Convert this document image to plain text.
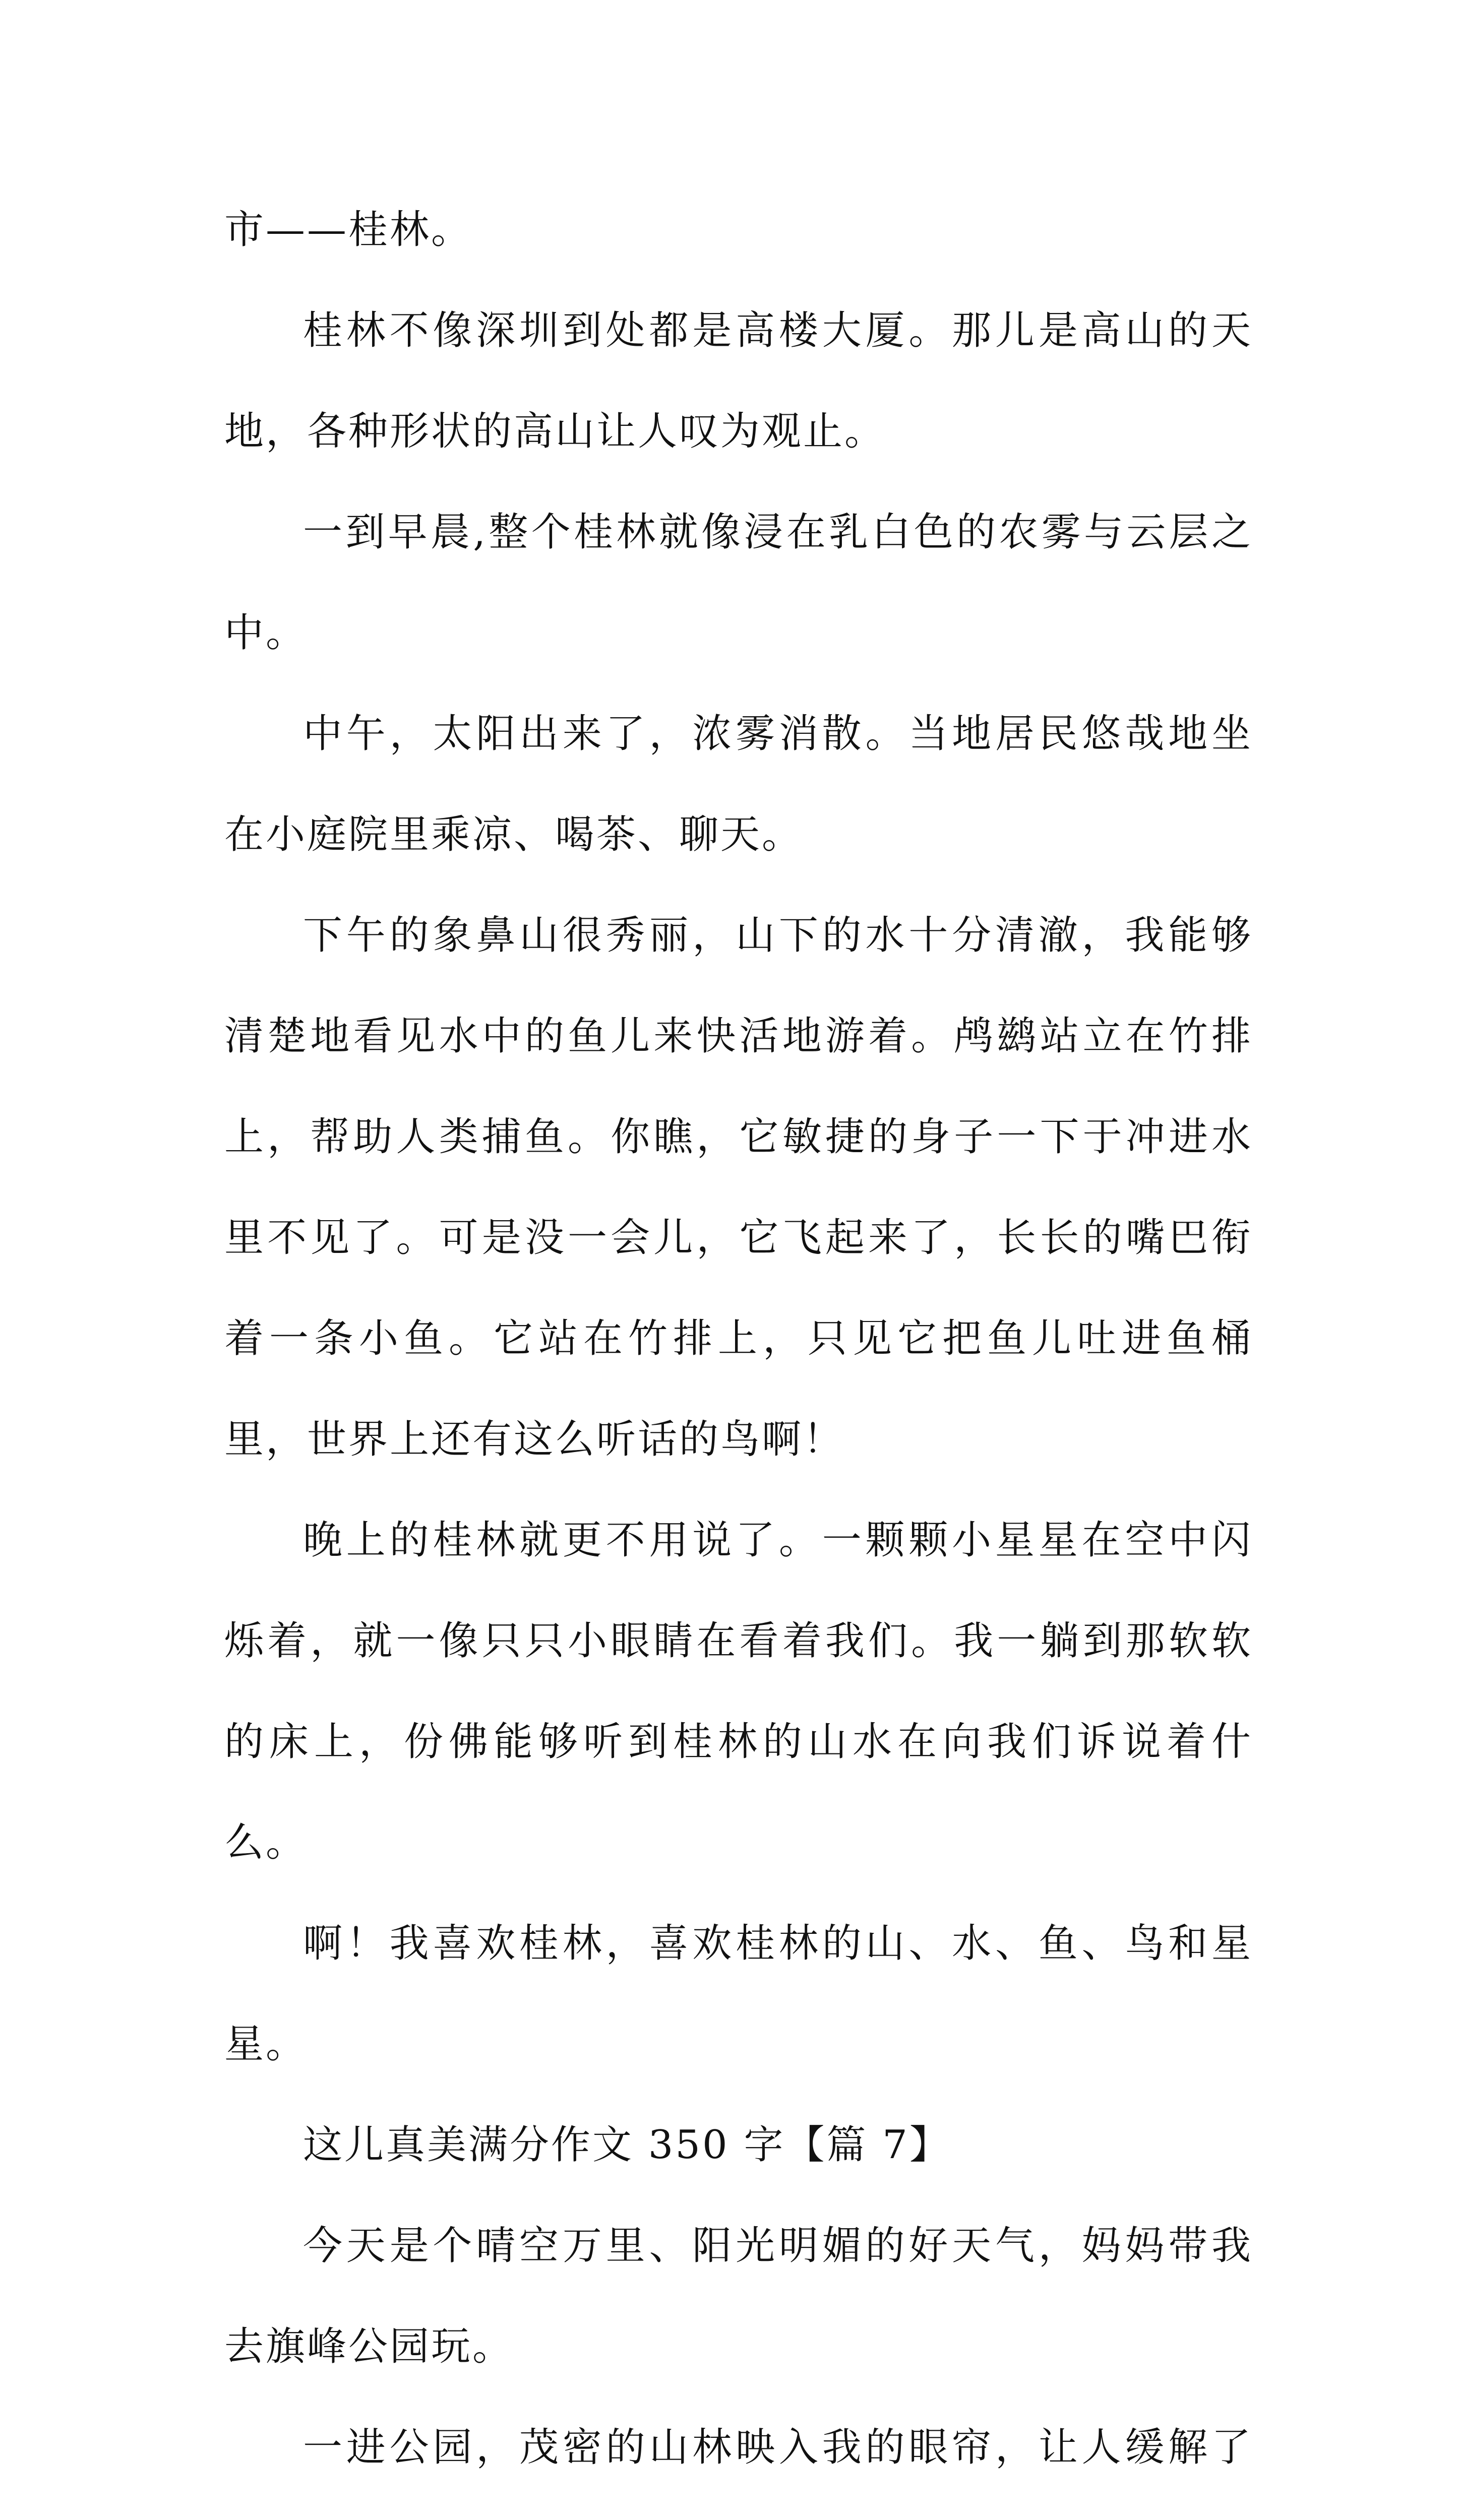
市——桂林。

桂林不像深圳到处都是高楼大厦。那儿是高山的天地，各种形状的高山让人叹为观止。

一到早晨,整个桂林就像浸在乳白色的农雾与云层之中。

中午，太阳出来了，浓雾消散。当地居民悠哉地坐在小庭院里乘凉、喝茶、聊天。

下午的象鼻山很秀丽，山下的水十分清澈，我能够清楚地看见水中的鱼儿来快活地游着。鸬鹚站立在竹排上，帮助人类捕鱼。你瞧，它敏捷的身子一下于冲进水里不见了。可是没一会儿，它飞起来了，长长的嘴巴衔着一条小鱼。它站在竹排上，只见它把鱼儿吐进鱼桶里，世界上还有这么听话的鸟啊！

晚上的桂林就更不用说了。一颗颗小星星在空中闪烁着，就一像只只小眼睛在看着我们。我一躺到那软软的床上，份佛能够听到桂林的山水在向我们诉说着什么。

啊！我喜欢桂林，喜欢桂林的山、水、鱼、鸟和星星。

这儿真美满分作文 350 字【篇 7】

今天是个晴空万里、阳光明媚的好天气，妈妈带我去旗峰公园玩。

一进公园，茂密的山林映入我的眼帘，让人缓解了
